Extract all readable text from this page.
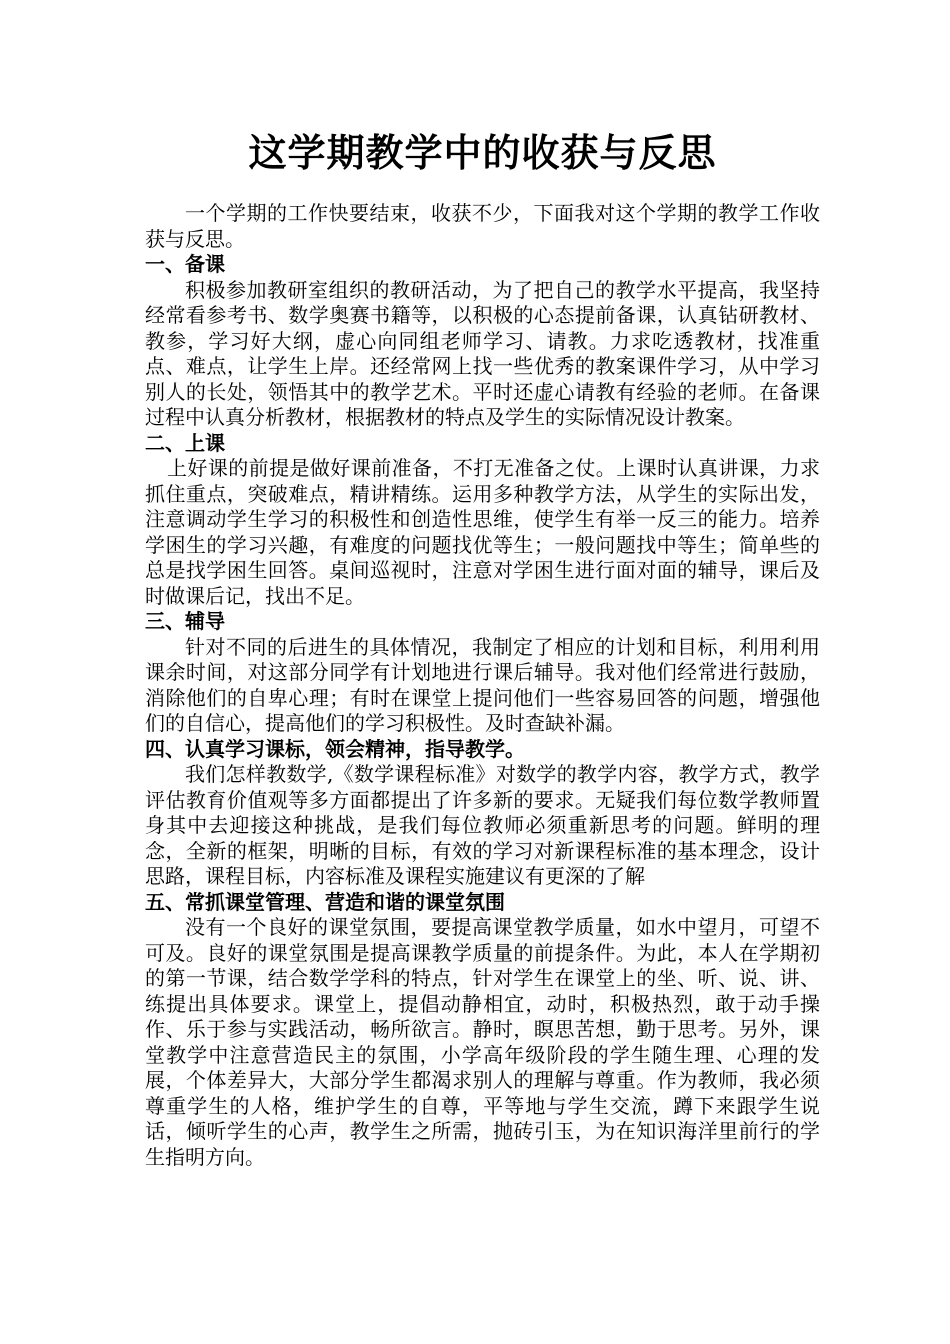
这学期教学中的收获与反思

一个学期的工作快要结束，收获不少，下面我对这个学期的教学工作收获与反思。

一、备课

积极参加教研室组织的教研活动，为了把自己的教学水平提高，我坚持经常看参考书、数学奥赛书籍等，以积极的心态提前备课，认真钻研教材、教参，学习好大纲，虚心向同组老师学习、请教。力求吃透教材，找准重点、难点，让学生上岸。还经常网上找一些优秀的教案课件学习，从中学习别人的长处，领悟其中的教学艺术。平时还虚心请教有经验的老师。在备课过程中认真分析教材，根据教材的特点及学生的实际情况设计教案。

二、上课

上好课的前提是做好课前准备，不打无准备之仗。上课时认真讲课，力求抓住重点，突破难点，精讲精练。运用多种教学方法，从学生的实际出发，注意调动学生学习的积极性和创造性思维，使学生有举一反三的能力。培养学困生的学习兴趣，有难度的问题找优等生；一般问题找中等生；简单些的总是找学困生回答。桌间巡视时，注意对学困生进行面对面的辅导，课后及时做课后记，找出不足。

三、辅导

针对不同的后进生的具体情况，我制定了相应的计划和目标，利用利用课余时间，对这部分同学有计划地进行课后辅导。我对他们经常进行鼓励，消除他们的自卑心理；有时在课堂上提问他们一些容易回答的问题，增强他们的自信心，提高他们的学习积极性。及时查缺补漏。

四、认真学习课标，领会精神，指导教学。

我们怎样教数学,《数学课程标准》对数学的教学内容，教学方式，教学评估教育价值观等多方面都提出了许多新的要求。无疑我们每位数学教师置身其中去迎接这种挑战，是我们每位教师必须重新思考的问题。鲜明的理念，全新的框架，明晰的目标，有效的学习对新课程标准的基本理念，设计思路，课程目标，内容标准及课程实施建议有更深的了解

五、常抓课堂管理、营造和谐的课堂氛围

没有一个良好的课堂氛围，要提高课堂教学质量，如水中望月，可望不可及。良好的课堂氛围是提高课教学质量的前提条件。为此，本人在学期初的第一节课，结合数学学科的特点，针对学生在课堂上的坐、听、说、讲、练提出具体要求。课堂上，提倡动静相宜，动时，积极热烈，敢于动手操作、乐于参与实践活动，畅所欲言。静时，瞑思苦想，勤于思考。另外，课堂教学中注意营造民主的氛围，小学高年级阶段的学生随生理、心理的发展，个体差异大，大部分学生都渴求别人的理解与尊重。作为教师，我必须尊重学生的人格，维护学生的自尊，平等地与学生交流，蹲下来跟学生说话，倾听学生的心声，教学生之所需，抛砖引玉，为在知识海洋里前行的学生指明方向。
